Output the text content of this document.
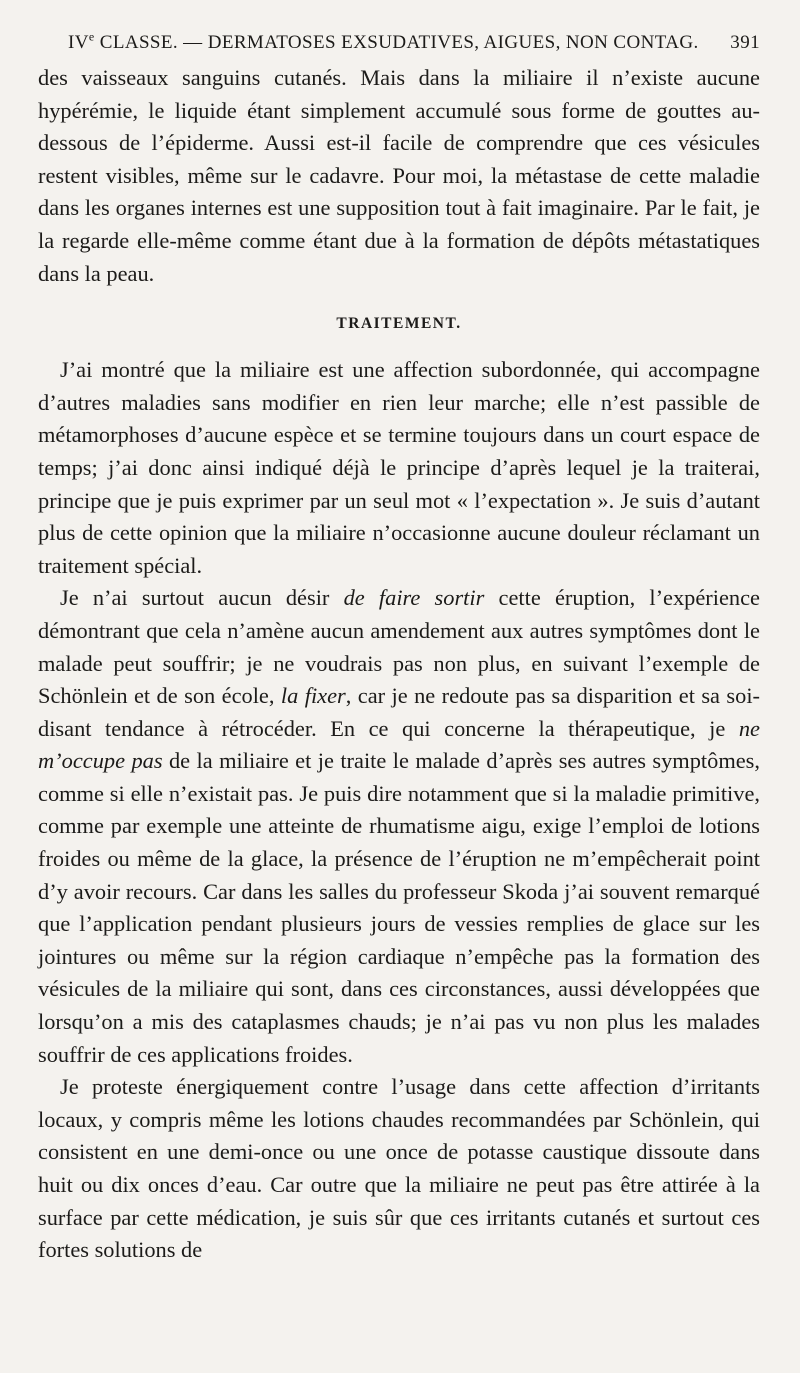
IVe CLASSE. — DERMATOSES EXSUDATIVES, AIGUES, NON CONTAG. 391

des vaisseaux sanguins cutanés. Mais dans la miliaire il n’existe aucune hypérémie, le liquide étant simplement accumulé sous forme de gouttes au-dessous de l’épiderme. Aussi est-il facile de comprendre que ces vésicules restent visibles, même sur le cadavre. Pour moi, la métastase de cette maladie dans les organes internes est une supposition tout à fait imaginaire. Par le fait, je la regarde elle-même comme étant due à la formation de dépôts métastatiques dans la peau.

TRAITEMENT.

J’ai montré que la miliaire est une affection subordonnée, qui accompagne d’autres maladies sans modifier en rien leur marche; elle n’est passible de métamorphoses d’aucune espèce et se termine toujours dans un court espace de temps; j’ai donc ainsi indiqué déjà le principe d’après lequel je la traiterai, principe que je puis exprimer par un seul mot « l’expectation ». Je suis d’autant plus de cette opinion que la miliaire n’occasionne aucune douleur réclamant un traitement spécial.

Je n’ai surtout aucun désir de faire sortir cette éruption, l’expérience démontrant que cela n’amène aucun amendement aux autres symptômes dont le malade peut souffrir; je ne voudrais pas non plus, en suivant l’exemple de Schönlein et de son école, la fixer, car je ne redoute pas sa disparition et sa soi-disant tendance à rétrocéder. En ce qui concerne la thérapeutique, je ne m’occupe pas de la miliaire et je traite le malade d’après ses autres symptômes, comme si elle n’existait pas. Je puis dire notamment que si la maladie primitive, comme par exemple une atteinte de rhumatisme aigu, exige l’emploi de lotions froides ou même de la glace, la présence de l’éruption ne m’empêcherait point d’y avoir recours. Car dans les salles du professeur Skoda j’ai souvent remarqué que l’application pendant plusieurs jours de vessies remplies de glace sur les jointures ou même sur la région cardiaque n’empêche pas la formation des vésicules de la miliaire qui sont, dans ces circonstances, aussi développées que lorsqu’on a mis des cataplasmes chauds; je n’ai pas vu non plus les malades souffrir de ces applications froides.

Je proteste énergiquement contre l’usage dans cette affection d’irritants locaux, y compris même les lotions chaudes recommandées par Schönlein, qui consistent en une demi-once ou une once de potasse caustique dissoute dans huit ou dix onces d’eau. Car outre que la miliaire ne peut pas être attirée à la surface par cette médication, je suis sûr que ces irritants cutanés et surtout ces fortes solutions de
